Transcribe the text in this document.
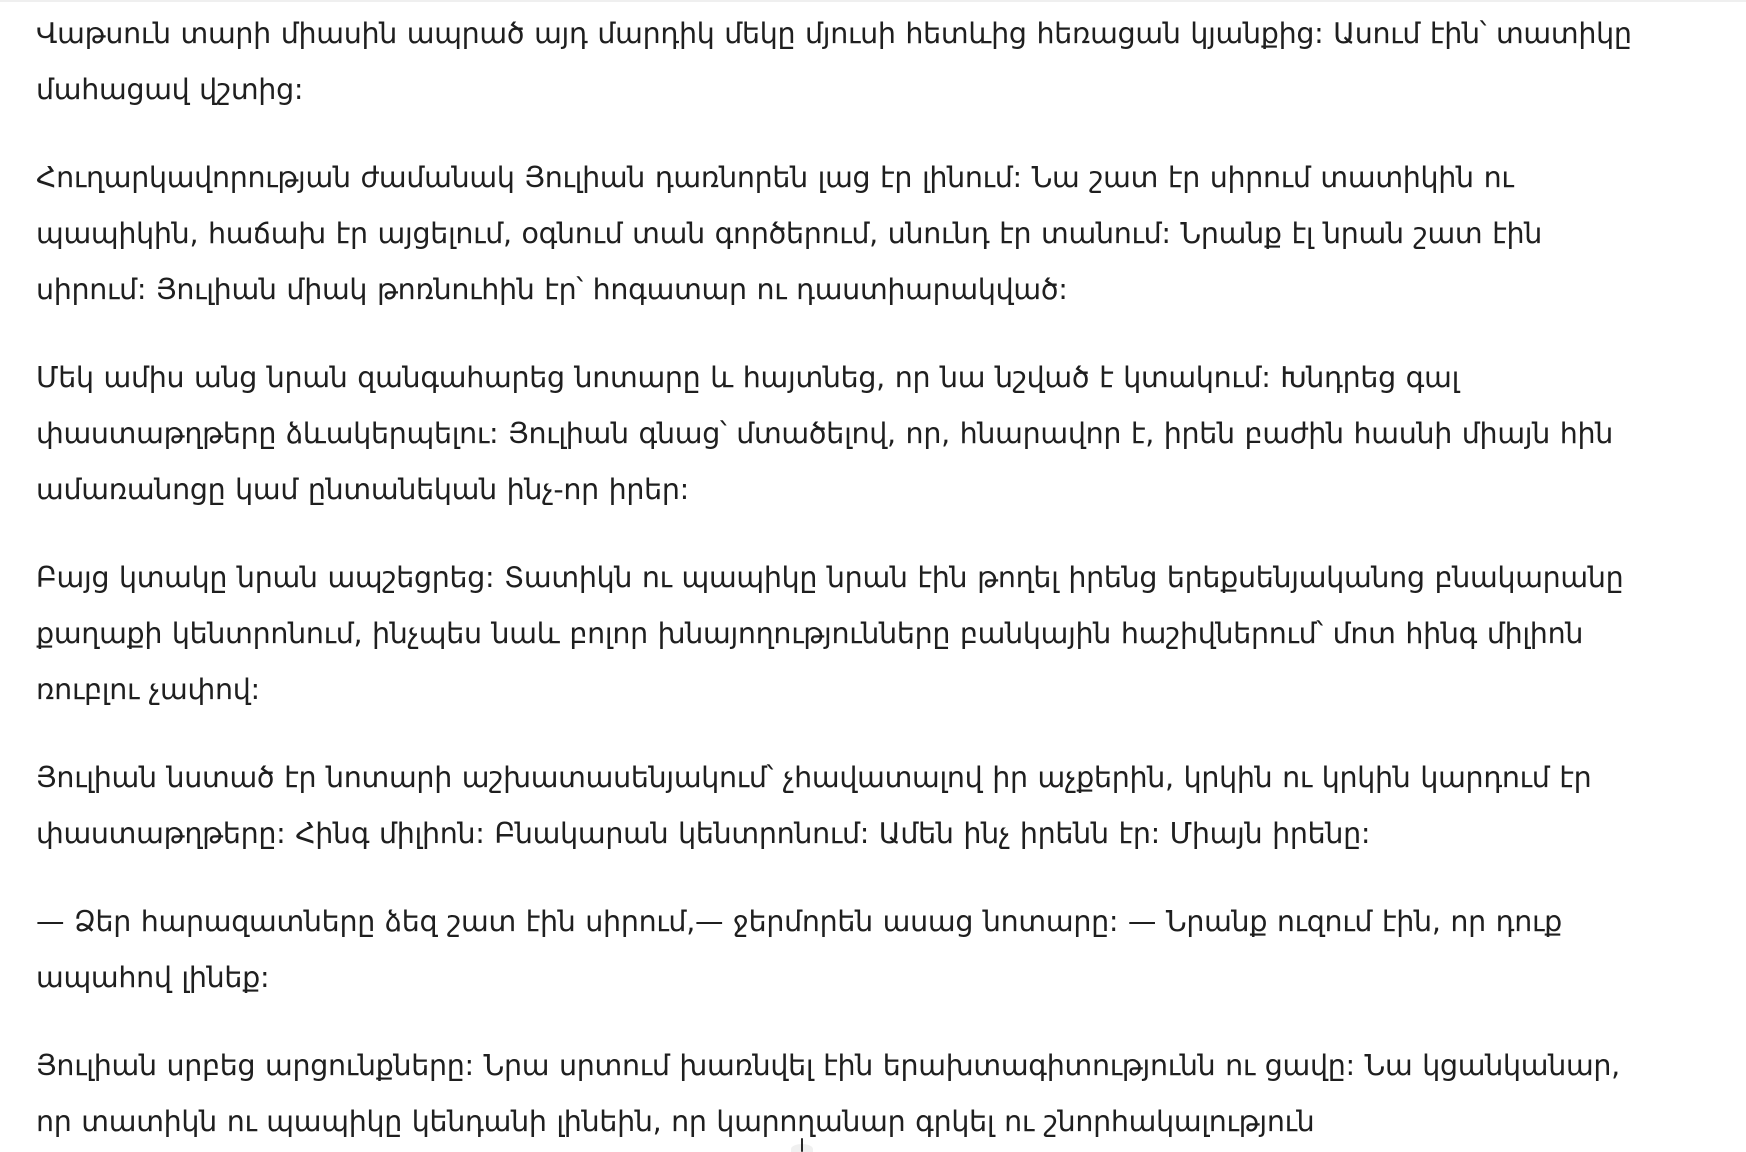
Վաթսուն տարի միասին ապրած այդ մարդիկ մեկը մյուսի հետևից հեռացան կյանքից: Ասում էին՝ տատիկը մահացավ վշտից:

Հուղարկավորության ժամանակ Յուլիան դառնորեն լաց էր լինում: Նա շատ էր սիրում տատիկին ու պապիկին, հաճախ էր այցելում, օգնում տան գործերում, սնունդ էր տանում: Նրանք էլ նրան շատ էին սիրում: Յուլիան միակ թոռնուհին էր՝ հոգատար ու դաստիարակված:

Մեկ ամիս անց նրան զանգահարեց նոտարը և հայտնեց, որ նա նշված է կտակում: Խնդրեց գալ փաստաթղթերը ձևակերպելու: Յուլիան գնաց՝ մտածելով, որ, հնարավոր է, իրեն բաժին հասնի միայն հին ամառանոցը կամ ընտանեկան ինչ-որ իրեր:

Բայց կտակը նրան ապշեցրեց: Տատիկն ու պապիկը նրան էին թողել իրենց երեքսենյականոց բնակարանը քաղաքի կենտրոնում, ինչպես նաև բոլոր խնայողությունները բանկային հաշիվներում՝ մոտ հինգ միլիոն ռուբլու չափով:

Յուլիան նստած էր նոտարի աշխատասենյակում՝ չհավատալով իր աչքերին, կրկին ու կրկին կարդում էր փաստաթղթերը: Հինգ միլիոն: Բնակարան կենտրոնում: Ամեն ինչ իրենն էր: Միայն իրենը:

— Ձեր հարազատները ձեզ շատ էին սիրում,— ջերմորեն ասաց նոտարը: — Նրանք ուզում էին, որ դուք ապահով լինեք:

Յուլիան սրբեց արցունքները: Նրա սրտում խառնվել էին երախտագիտությունն ու ցավը: Նա կցանկանար, որ տատիկն ու պապիկը կենդանի լինեին, որ կարողանար գրկել ու շնորհակալություն
